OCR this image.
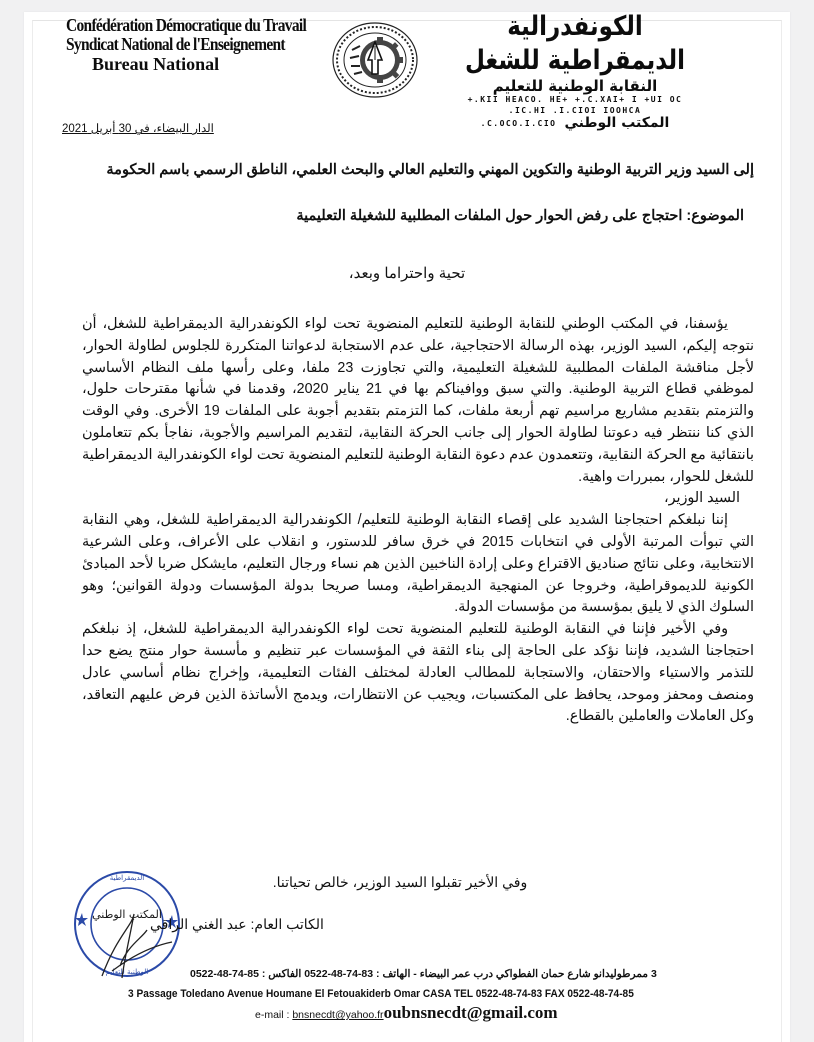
Confédération Démocratique du Travail
Syndicat National de l'Enseignement
Bureau National
الكونفدرالية الديمقراطية للشغل
النقابة الوطنية للتعليم
+.KII HEACO. HE+ +.C.XAI+ I +UI OC
.IC.HI .I.CIOI IOOHCA
.C.OCO.I.CIO المكتب الوطني
الدار البيضاء، في 30 أبريل 2021
إلى السيد وزير التربية الوطنية والتكوين المهني والتعليم العالي والبحث العلمي، الناطق الرسمي باسم الحكومة
الموضوع: احتجاج على رفض الحوار حول الملفات المطلبية للشغيلة التعليمية
تحية واحتراما وبعد،

يؤسفنا، في المكتب الوطني للنقابة الوطنية للتعليم المنضوية تحت لواء الكونفدرالية الديمقراطية للشغل، أن نتوجه إليكم، السيد الوزير، بهذه الرسالة الاحتجاجية، على عدم الاستجابة لدعواتنا المتكررة للجلوس لطاولة الحوار، لأجل مناقشة الملفات المطلبية للشغيلة التعليمية، والتي تجاوزت 23 ملفا، وعلى رأسها ملف النظام الأساسي لموظفي قطاع التربية الوطنية. والتي سبق ووافيناكم بها في 21 يناير 2020، وقدمنا في شأنها مقترحات حلول، والتزمتم بتقديم مشاريع مراسيم تهم أربعة ملفات، كما التزمتم بتقديم أجوبة على الملفات 19 الأخرى. وفي الوقت الذي كنا ننتظر فيه دعوتنا لطاولة الحوار إلى جانب الحركة النقابية، لتقديم المراسيم والأجوبة، نفاجأ بكم تتعاملون بانتقائية مع الحركة النقابية، وتتعمدون عدم دعوة النقابة الوطنية للتعليم المنضوية تحت لواء الكونفدرالية الديمقراطية للشغل للحوار، بمبررات واهية.

السيد الوزير،

إننا نبلغكم احتجاجنا الشديد على إقصاء النقابة الوطنية للتعليم/ الكونفدرالية الديمقراطية للشغل، وهي النقابة التي تبوأت المرتبة الأولى في انتخابات 2015 في خرق سافر للدستور، و انقلاب على الأعراف، وعلى الشرعية الانتخابية، وعلى نتائج صناديق الاقتراع وعلى إرادة الناخبين الذين هم نساء ورجال التعليم، مايشكل ضربا لأحد المبادئ الكونية للديموقراطية، وخروجا عن المنهجية الديمقراطية، ومسا صريحا بدولة المؤسسات ودولة القوانين؛ وهو السلوك الذي لا يليق بمؤسسة من مؤسسات الدولة.

وفي الأخير فإننا في النقابة الوطنية للتعليم المنضوية تحت لواء الكونفدرالية الديمقراطية للشغل، إذ نبلغكم احتجاجنا الشديد، فإننا نؤكد على الحاجة إلى بناء الثقة في المؤسسات عبر تنظيم و مأسسة حوار منتج يضع حدا للتذمر والاستياء والاحتقان، والاستجابة للمطالب العادلة لمختلف الفئات التعليمية، وإخراج نظام أساسي عادل ومنصف ومحفز وموحد، يحافظ على المكتسبات، ويجيب عن الانتظارات، ويدمج الأساتذة الذين فرض عليهم التعاقد، وكل العاملات والعاملين بالقطاع.

وفي الأخير تقبلوا السيد الوزير، خالص تحياتنا.
الديمقراطية
الوطنية للتعليم
المكتب الوطني
الكاتب العام: عبد الغني الراقي
3 ممرطوليدانو شارع حمان الفطواكي درب عمر البيضاء - الهاتف : 83-74-48-0522 الفاكس : 85-74-48-0522
3 Passage Toledano Avenue Houmane El Fetouakiderb Omar CASA TEL 0522-48-74-83 FAX 0522-48-74-85
e-mail : bnsnecdt@yahoo.froubnsnecdt@gmail.com
